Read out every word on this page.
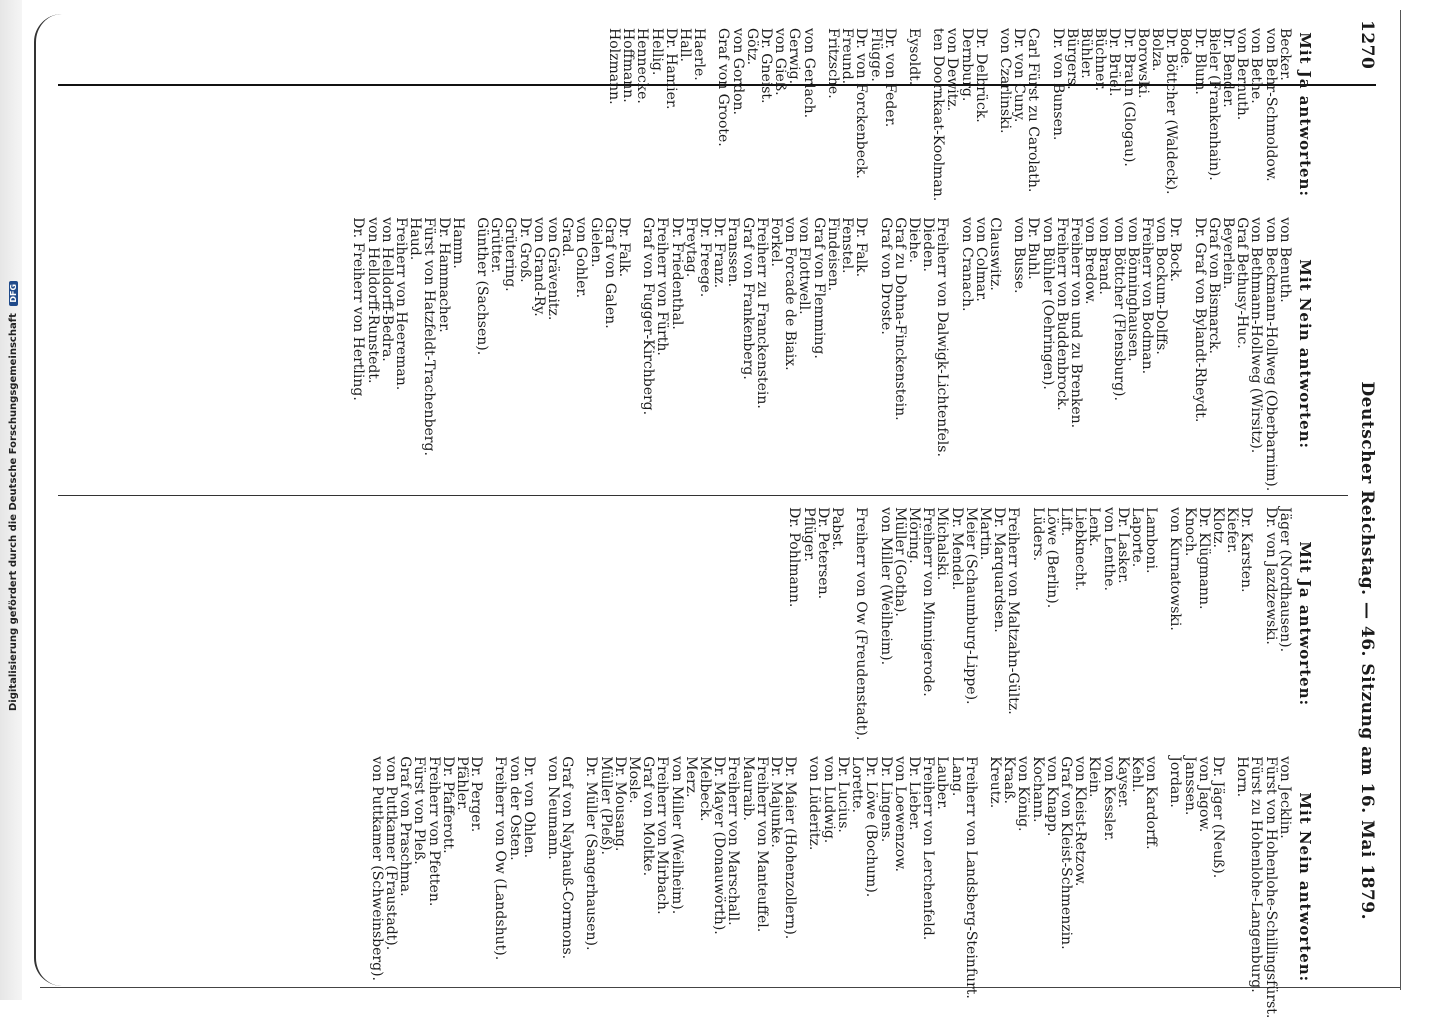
Digitalisierung gefördert durch die Deutsche Forschungsgemeinschaft DFG
1270
Deutscher Reichstag. — 46. Sitzung am 16. Mai 1879.
Mit Ja antworten:
Becker.
von Behr-Schmoldow.
von Bethe.
von Bernuth.
Dr. Bender.
Bieler (Frankenhain).
Dr. Blum.
Bode.
Dr. Böttcher (Waldeck).
Bolza.
Borowski.
Dr. Braun (Glogau).
Dr. Brüel.
Büchner.
Bühler.
Bürgers.
Dr. von Bunsen.
Carl Fürst zu Carolath.
Dr. von Cuny.
von Czarlinski.
Dr. Delbrück.
Dernburg.
von Dewitz.
ten Doornkaat-Koolman.
Eysoldt.
Dr. von Feder.
Flügge.
Dr. von Forckenbeck.
Freund.
Fritzsche.
von Gerlach.
Gerwig.
von Gieß.
Dr. Gneist.
Götz.
von Gordon.
Graf von Groote.
Haerle.
Hall.
Dr. Hamier.
Hellig.
Hennecke.
Hoffmann.
Holzmann.
Mit Nein antworten:
von Benuth.
von Beckmann-Hollweg (Oberbarnim).
von Bethmann-Hollweg (Wirsitz).
Graf Bethusy-Huc.
Beyerlein.
Graf von Bismarck.
Dr. Graf von Bylandt-Rheydt.
Dr. Bock.
von Bockum-Dolffs.
Freiherr von Bodman.
von Bönninghausen.
von Böttcher (Flensburg).
von Brand.
von Bredow.
Freiherr von und zu Brenken.
Freiherr von Buddenbrock.
von Bühler (Oehringen).
Dr. Buhl.
von Busse.
Clauswitz.
von Colmar.
von Cranach.
Freiherr von Dalwigk-Lichtenfels.
Dieden.
Diehe.
Graf zu Dohna-Finckenstein.
Graf von Droste.
Dr. Falk.
Fenstel.
Findeisen.
Graf von Flemming.
von Flottwell.
von Forcade de Biaix.
Forkel.
Freiherr zu Franckenstein.
Graf von Frankenberg.
Franssen.
Dr. Franz.
Dr. Freege.
Freytag.
Dr. Friedenthal.
Freiherr von Fürth.
Graf von Fugger-Kirchberg.
Dr. Falk.
Graf von Galen.
Gielen.
von Gohler.
Grad.
von Grävenitz.
von Grand-Ry.
Dr. Groß.
Grütering.
Grütter.
Günther (Sachsen).
Hamm.
Dr. Hammacher.
Fürst von Hatzfeldt-Trachenberg.
Haud.
Freiherr von Heereman.
von Helldorff-Bedra.
von Helldorff-Runstedt.
Dr. Freiherr von Hertling.
Mit Ja antworten:
Jäger (Nordhausen).
Dr. von Jazdzewski.
Dr. Karsten.
Kiefer.
Klotz.
Dr. Klügmann.
Knoch.
von Kurnatowski.
Lamboni.
Laporte.
Dr. Lasker.
von Lenthe.
Lenk.
Liebknecht.
Lift.
Löwe (Berlin).
Lüders.
Freiherr von Maltzahn-Gültz.
Dr. Marquardsen.
Martin.
Meier (Schaumburg-Lippe).
Dr. Mendel.
Michalski.
Freiherr von Minnigerode.
Möring.
Müller (Gotha).
von Miller (Weilheim).
Freiherr von Ow (Freudenstadt).
Pabst.
Dr. Petersen.
Pflüger.
Dr. Pohlmann.
Mit Nein antworten:
von Jecklin.
Fürst von Hohenlohe-Schillingsfürst.
Fürst zu Hohenlohe-Langenburg.
Horn.
Dr. Jäger (Neuß).
von Jagow.
Janssen.
Jordan.
von Kardorff.
Kehl.
Kayser.
von Kessler.
Klein.
von Kleist-Retzow.
Graf von Kleist-Schmenzin.
von Knapp.
Kochann.
von König.
Kraaß.
Kreutz.
Freiherr von Landsberg-Steinfurt.
Lang.
Lauber.
Freiherr von Lerchenfeld.
Dr. Lieber.
von Loewenzow.
Dr. Lingens.
Dr. Löwe (Bochum).
Lorette.
Dr. Lucius.
von Ludwig.
von Lüderitz.
Dr. Maier (Hohenzollern).
Dr. Majunke.
Freiherr von Manteuffel.
Mauraib.
Freiherr von Marschall.
Dr. Mayer (Donauwörth).
Melbeck.
Merz.
von Miller (Weilheim).
Freiherr von Mirbach.
Graf von Moltke.
Mosle.
Dr. Mousang.
Müller (Pleß).
Dr. Müller (Sangerhausen).
Graf von Nayhauß-Cormons.
von Neumann.
Dr. von Ohlen.
von der Osten.
Freiherr von Ow (Landshut).
Dr. Perger.
Pfähler.
Dr. Pfafferott.
Freiherr von Pfetten.
Fürst von Pleß.
Graf von Praschma.
von Puttkamer (Fraustadt).
von Puttkamer (Schweinsberg).
